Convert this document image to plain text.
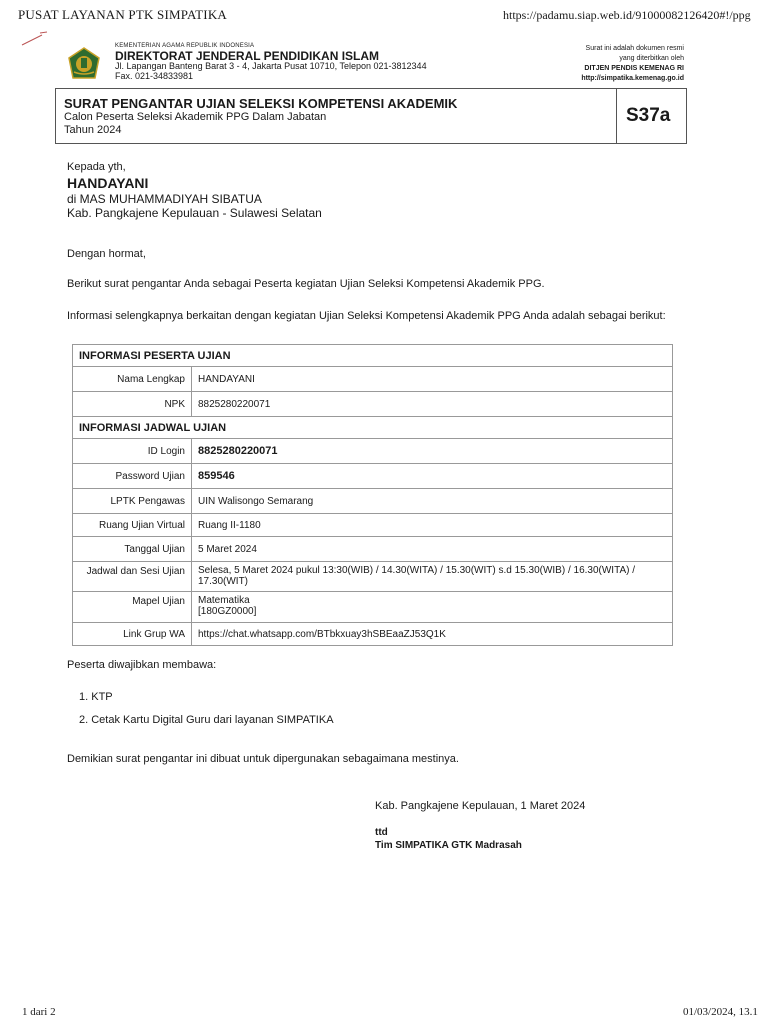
PUSAT LAYANAN PTK SIMPATIKA	https://padamu.siap.web.id/9100008212642​0#!/ppg
KEMENTERIAN AGAMA REPUBLIK INDONESIA
DIREKTORAT JENDERAL PENDIDIKAN ISLAM
Jl. Lapangan Banteng Barat 3 - 4, Jakarta Pusat 10710, Telepon 021-3812344
Fax. 021-34833981
Surat ini adalah dokumen resmi
yang diterbitkan oleh
DITJEN PENDIS KEMENAG RI
http://simpatika.kemenag.go.id
SURAT PENGANTAR UJIAN SELEKSI KOMPETENSI AKADEMIK
Calon Peserta Seleksi Akademik PPG Dalam Jabatan
Tahun 2024
S37a
Kepada yth,
HANDAYANI
di MAS MUHAMMADIYAH SIBATUA
Kab. Pangkajene Kepulauan - Sulawesi Selatan
Dengan hormat,
Berikut surat pengantar Anda sebagai Peserta kegiatan Ujian Seleksi Kompetensi Akademik PPG.
Informasi selengkapnya berkaitan dengan kegiatan Ujian Seleksi Kompetensi Akademik PPG Anda adalah sebagai berikut:
INFORMASI PESERTA UJIAN	
Nama Lengkap	HANDAYANI
NPK	8825280220071
INFORMASI JADWAL UJIAN	
ID Login	8825280220071
Password Ujian	859546
LPTK Pengawas	UIN Walisongo Semarang
Ruang Ujian Virtual	Ruang II-1180
Tanggal Ujian	5 Maret 2024
Jadwal dan Sesi Ujian	Selesa, 5 Maret 2024 pukul 13:30(WIB) / 14.30(WITA) / 15.30(WIT) s.d 15.30(WIB) / 16.30(WITA) / 17.30(WIT)
Mapel Ujian	Matematika
[180GZ0000]

Link Grup WA	https://chat.whatsapp.com/BTbkxuay3hSBEaaZJ53Q1K
Peserta diwajibkan membawa:
1. KTP
2. Cetak Kartu Digital Guru dari layanan SIMPATIKA
Demikian surat pengantar ini dibuat untuk dipergunakan sebagaimana mestinya.
Kab. Pangkajene Kepulauan, 1 Maret 2024
ttd
Tim SIMPATIKA GTK Madrasah
1 dari 2	01/03/2024, 13.1
